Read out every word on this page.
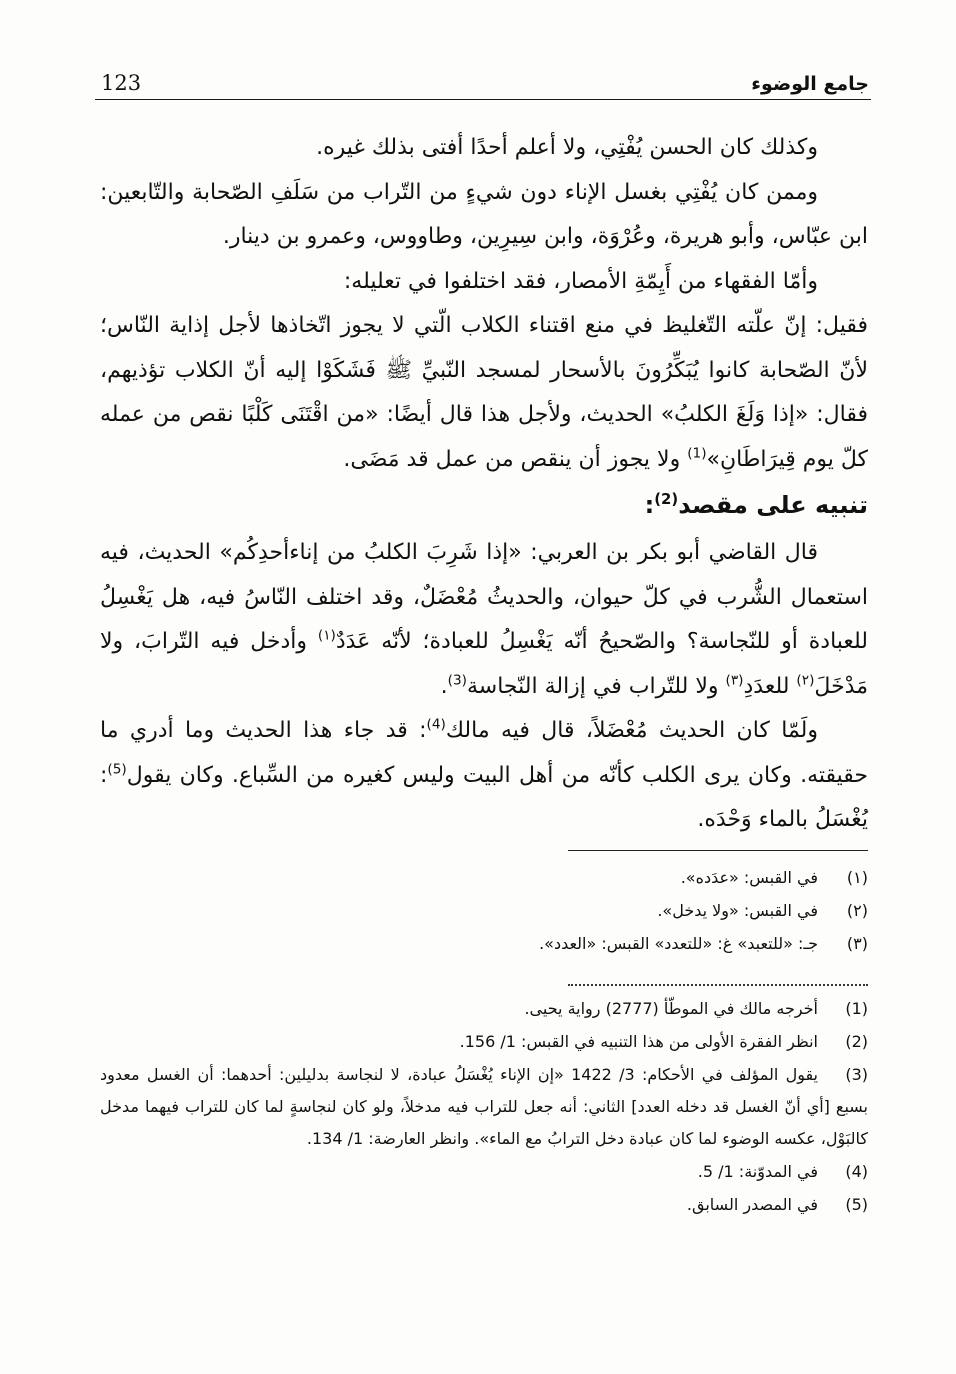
123	جامع الوضوء

وكذلك كان الحسن يُفْتِي، ولا أعلم أحدًا أفتى بذلك غيره.

وممن كان يُفْتِي بغسل الإناء دون شيءٍ من التّراب من سَلَفِ الصّحابة والتّابعين: ابن عبّاس، وأبو هريرة، وعُرْوَة، وابن سِيرِين، وطاووس، وعمرو بن دينار.

وأمّا الفقهاء من أَيِمّةِ الأمصار، فقد اختلفوا في تعليله:

فقيل: إنّ علّته التّغليظ في منع اقتناء الكلاب الّتي لا يجوز اتّخاذها لأجل إذاية النّاس؛ لأنّ الصّحابة كانوا يُبَكِّرُونَ بالأسحار لمسجد النّبيِّ ﷺ فَشَكَوْا إليه أنّ الكلاب تؤذيهم، فقال: «إذا وَلَغَ الكلبُ» الحديث، ولأجل هذا قال أيضًا: «من اقْتَنَى كَلْبًا نقص من عمله كلّ يوم قِيرَاطَانِ»$^{(1)}$ ولا يجوز أن ينقص من عمل قد مَضَى.

تنبيه على مقصد$^{(2)}$:

قال القاضي أبو بكر بن العربي: «إذا شَرِبَ الكلبُ من إناءأحدِكُم» الحديث، فيه استعمال الشُّرب في كلّ حيوان، والحديثُ مُعْضَلٌ، وقد اختلف النّاسُ فيه، هل يَغْسِلُ للعبادة أو للنّجاسة؟ والصّحيحُ أنّه يَغْسِلُ للعبادة؛ لأنّه عَدَدٌ$^{(١)}$ وأدخل فيه التّرابَ، ولا مَدْخَلَ$^{(٢)}$ للعدَدِ$^{(٣)}$ ولا للتّراب في إزالة النّجاسة$^{(3)}$.

ولَمّا كان الحديث مُعْضَلاً، قال فيه مالك$^{(4)}$: قد جاء هذا الحديث وما أدري ما حقيقته. وكان يرى الكلب كأنّه من أهل البيت وليس كغيره من السِّباع. وكان يقول$^{(5)}$: يُغْسَلُ بالماء وَحْدَه.

(١)في القبس: «عدَده».
(٢)في القبس: «ولا يدخل».
(٣)جـ: «للتعبد» غ: «للتعدد» القبس: «العدد».
(1)أخرجه مالك في الموطّأ (2777) رواية يحيى.
(2)انظر الفقرة الأولى من هذا التنبيه في القبس: 1/ 156.
(3)يقول المؤلف في الأحكام: 3/ 1422 «إن الإناء يُغْسَلُ عبادة، لا لنجاسة بدليلين: أحدهما: أن الغسل معدود بسبع [أي أنّ الغسل قد دخله العدد] الثاني: أنه جعل للتراب فيه مدخلاً، ولو كان لنجاسةٍ لما كان للتراب فيهما مدخل كالبَوْل، عكسه الوضوء لما كان عبادة دخل الترابُ مع الماء». وانظر العارضة: 1/ 134.
(4)في المدوّنة: 1/ 5.
(5)في المصدر السابق.
